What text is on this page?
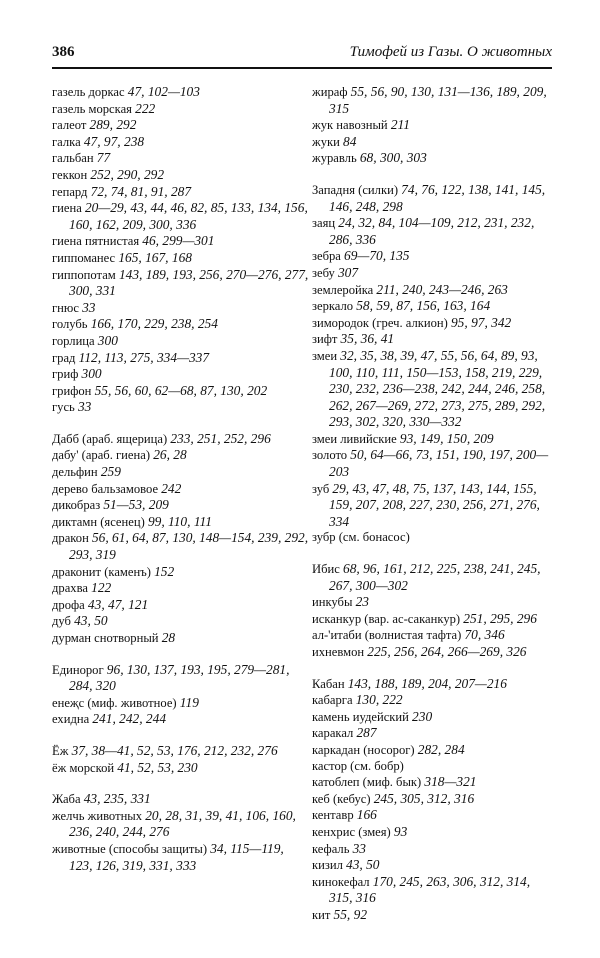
386	Тимофей из Газы. О животных

газель доркас 47, 102—103

газель морская 222

галеот 289, 292

галка 47, 97, 238

гальбан 77

геккон 252, 290, 292

гепард 72, 74, 81, 91, 287

гиена 20—29, 43, 44, 46, 82, 85, 133, 134, 156, 160, 162, 209, 300, 336

гиена пятнистая 46, 299—301

гиппоманес 165, 167, 168

гиппопотам 143, 189, 193, 256, 270—276, 277, 300, 331

гнюс 33

голубь 166, 170, 229, 238, 254

горлица 300

град 112, 113, 275, 334—337

гриф 300

грифон 55, 56, 60, 62—68, 87, 130, 202

гусь 33

Дабб (араб. ящерица) 233, 251, 252, 296

дабу' (араб. гиена) 26, 28

дельфин 259

дерево бальзамовое 242

дикобраз 51—53, 209

диктамн (ясенец) 99, 110, 111

дракон 56, 61, 64, 87, 130, 148—154, 239, 292, 293, 319

драконит (каменъ) 152

драхва 122

дрофа 43, 47, 121

дуб 43, 50

дурман снотворный 28

Единорог 96, 130, 137, 193, 195, 279—281, 284, 320

енеҗс (миф. животное) 119

ехидна 241, 242, 244

Ёж 37, 38—41, 52, 53, 176, 212, 232, 276

ёж морской 41, 52, 53, 230

Жаба 43, 235, 331

желчь животных 20, 28, 31, 39, 41, 106, 160, 236, 240, 244, 276

животные (способы защиты) 34, 115—119, 123, 126, 319, 331, 333

жираф 55, 56, 90, 130, 131—136, 189, 209, 315

жук навозный 211

жуки 84

журавль 68, 300, 303

Западня (силки) 74, 76, 122, 138, 141, 145, 146, 248, 298

заяц 24, 32, 84, 104—109, 212, 231, 232, 286, 336

зебра 69—70, 135

зебу 307

землеройка 211, 240, 243—246, 263

зеркало 58, 59, 87, 156, 163, 164

зимородок (греч. алкион) 95, 97, 342

зифт 35, 36, 41

змеи 32, 35, 38, 39, 47, 55, 56, 64, 89, 93, 100, 110, 111, 150—153, 158, 219, 229, 230, 232, 236—238, 242, 244, 246, 258, 262, 267—269, 272, 273, 275, 289, 292, 293, 302, 320, 330—332

змеи ливийские 93, 149, 150, 209

золото 50, 64—66, 73, 151, 190, 197, 200—203

зуб 29, 43, 47, 48, 75, 137, 143, 144, 155, 159, 207, 208, 227, 230, 256, 271, 276, 334

зубр (см. бонасос)

Ибис 68, 96, 161, 212, 225, 238, 241, 245, 267, 300—302

инкубы 23

исканкур (вар. ас-саканкур) 251, 295, 296

ал-'итаби (волнистая тафта) 70, 346

ихневмон 225, 256, 264, 266—269, 326

Кабан 143, 188, 189, 204, 207—216

кабарга 130, 222

камень иудейский 230

каракал 287

каркадан (носорог) 282, 284

кастор (см. бобр)

катоблеп (миф. бык) 318—321

кеб (кебус) 245, 305, 312, 316

кентавр 166

кенхрис (змея) 93

кефаль 33

кизил 43, 50

кинокефал 170, 245, 263, 306, 312, 314, 315, 316

кит 55, 92
